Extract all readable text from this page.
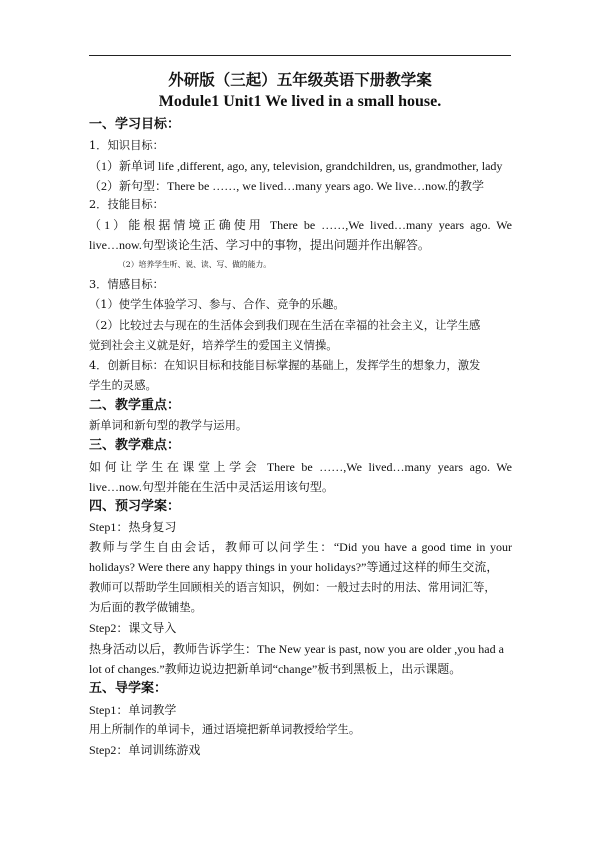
外研版（三起）五年级英语下册教学案
Module1 Unit1 We lived in a small house.
一、学习目标：
1．知识目标：
（1）新单词 life ,different, ago, any, television, grandchildren, us, grandmother, lady
（2）新句型：There be ……, we lived…many years ago. We live…now.的教学
2．技能目标：
（1）能根据情境正确使用 There be ……,We lived…many years ago. We
live…now.句型谈论生活、学习中的事物，提出问题并作出解答。
（2）培养学生听、说、读、写、做的能力。
3．情感目标：
（1）使学生体验学习、参与、合作、竞争的乐趣。
（2）比较过去与现在的生活体会到我们现在生活在幸福的社会主义，让学生感
觉到社会主义就是好，培养学生的爱国主义情操。
4．创新目标：在知识目标和技能目标掌握的基础上，发挥学生的想象力，激发
学生的灵感。
二、教学重点：
新单词和新句型的教学与运用。
三、教学难点：
如何让学生在课堂上学会 There be ……,We lived…many years ago. We
live…now.句型并能在生活中灵活运用该句型。
四、预习学案：
Step1：热身复习
教师与学生自由会话，教师可以问学生：“Did you have a good time in your
holidays? Were there any happy things in your holidays?”等通过这样的师生交流，
教师可以帮助学生回顾相关的语言知识，例如：一般过去时的用法、常用词汇等，
为后面的教学做铺垫。
Step2：课文导入
热身活动以后，教师告诉学生：The New year is past, now you are older ,you had a
lot of changes.”教师边说边把新单词“change”板书到黑板上，出示课题。
五、导学案：
Step1：单词教学
用上所制作的单词卡，通过语境把新单词教授给学生。
Step2：单词训练游戏
